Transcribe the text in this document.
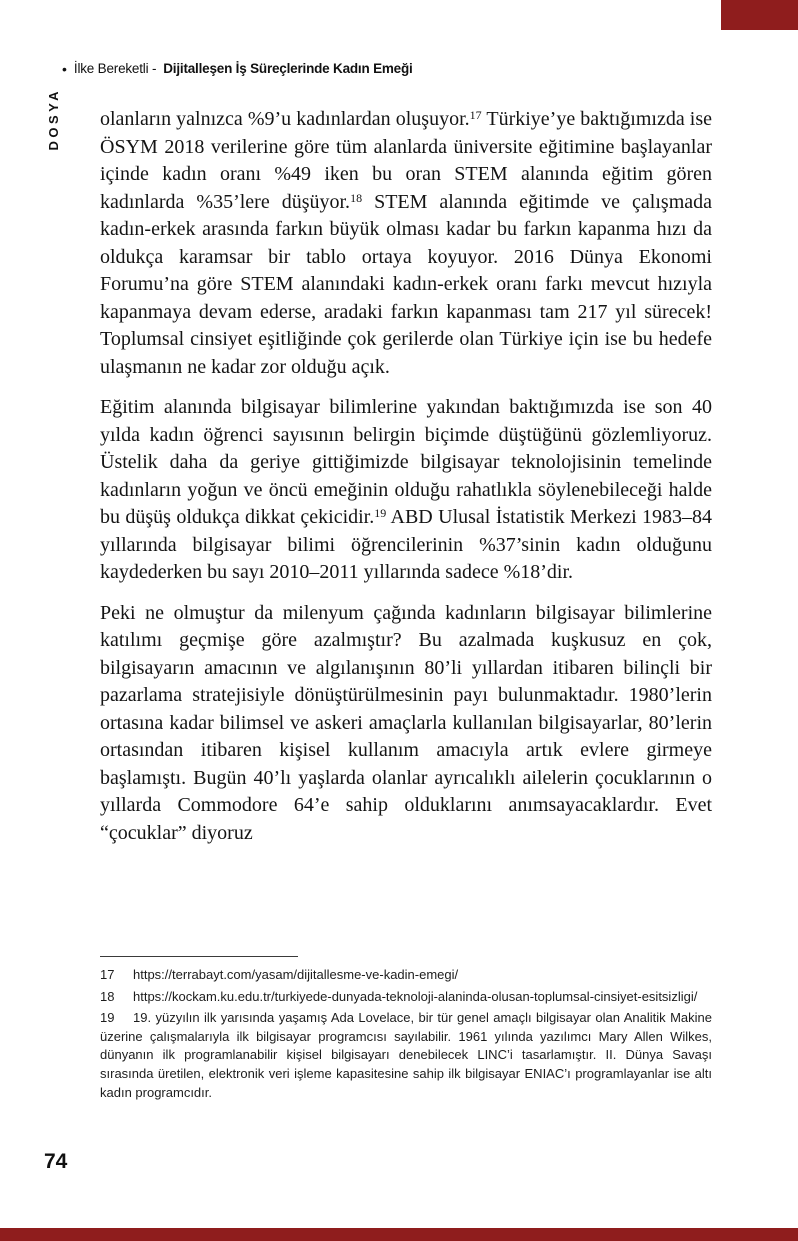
• İlke Bereketli - Dijitalleşen İş Süreçlerinde Kadın Emeği
DOSYA olanların yalnızca %9’u kadınlardan oluşuyor.$^{17}$ Türkiye’ye baktığımızda ise ÖSYM 2018 verilerine göre tüm alanlarda üniversite eğitimine başlayanlar içinde kadın oranı %49 iken bu oran STEM alanında eğitim gören kadınlarda %35’lere düşüyor.$^{18}$ STEM alanında eğitimde ve çalışmada kadın-erkek arasında farkın büyük olması kadar bu farkın kapanma hızı da oldukça karamsar bir tablo ortaya koyuyor. 2016 Dünya Ekonomi Forumu’na göre STEM alanındaki kadın-erkek oranı farkı mevcut hızıyla kapanmaya devam ederse, aradaki farkın kapanması tam 217 yıl sürecek! Toplumsal cinsiyet eşitliğinde çok gerilerde olan Türkiye için ise bu hedefe ulaşmanın ne kadar zor olduğu açık.

Eğitim alanında bilgisayar bilimlerine yakından baktığımızda ise son 40 yılda kadın öğrenci sayısının belirgin biçimde düştüğünü gözlemliyoruz. Üstelik daha da geriye gittiğimizde bilgisayar teknolojisinin temelinde kadınların yoğun ve öncü emeğinin olduğu rahatlıkla söylenebileceği halde bu düşüş oldukça dikkat çekicidir.$^{19}$ ABD Ulusal İstatistik Merkezi 1983–84 yıllarında bilgisayar bilimi öğrencilerinin %37’sinin kadın olduğunu kaydederken bu sayı 2010–2011 yıllarında sadece %18’dir.

Peki ne olmuştur da milenyum çağında kadınların bilgisayar bilimlerine katılımı geçmişe göre azalmıştır? Bu azalmada kuşkusuz en çok, bilgisayarın amacının ve algılanışının 80’li yıllardan itibaren bilinçli bir pazarlama stratejisiyle dönüştürülmesinin payı bulunmaktadır. 1980’lerin ortasına kadar bilimsel ve askeri amaçlarla kullanılan bilgisayarlar, 80’lerin ortasından itibaren kişisel kullanım amacıyla artık evlere girmeye başlamıştı. Bugün 40’lı yaşlarda olanlar ayrıcalıklı ailelerin çocuklarının o yıllarda Commodore 64’e sahip olduklarını anımsayacaklardır. Evet “çocuklar” diyoruz

17 https://terrabayt.com/yasam/dijitallesme-ve-kadin-emegi/

18 https://kockam.ku.edu.tr/turkiyede-dunyada-teknoloji-alaninda-olusan-toplumsal-cinsiyet-esitsizligi/

19 19. yüzyılın ilk yarısında yaşamış Ada Lovelace, bir tür genel amaçlı bilgisayar olan Analitik Makine üzerine çalışmalarıyla ilk bilgisayar programcısı sayılabilir. 1961 yılında yazılımcı Mary Allen Wilkes, dünyanın ilk programlanabilir kişisel bilgisayarı denebilecek LINC’i tasarlamıştır. II. Dünya Savaşı sırasında üretilen, elektronik veri işleme kapasitesine sahip ilk bilgisayar ENIAC’ı programlayanlar ise altı kadın programcıdır.

74
